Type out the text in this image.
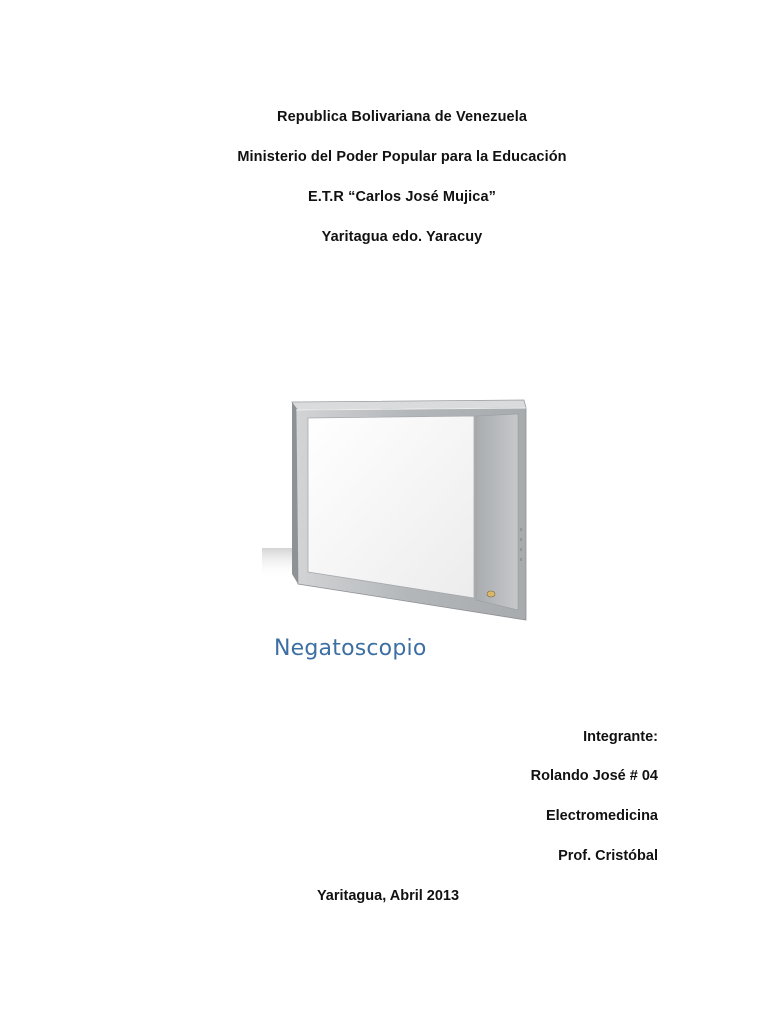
Republica Bolivariana de Venezuela
Ministerio del Poder Popular para la Educación
E.T.R “Carlos José Mujica”
Yaritagua edo. Yaracuy
Negatoscopio
Integrante:
Rolando José # 04
Electromedicina
Prof. Cristóbal
Yaritagua, Abril 2013
